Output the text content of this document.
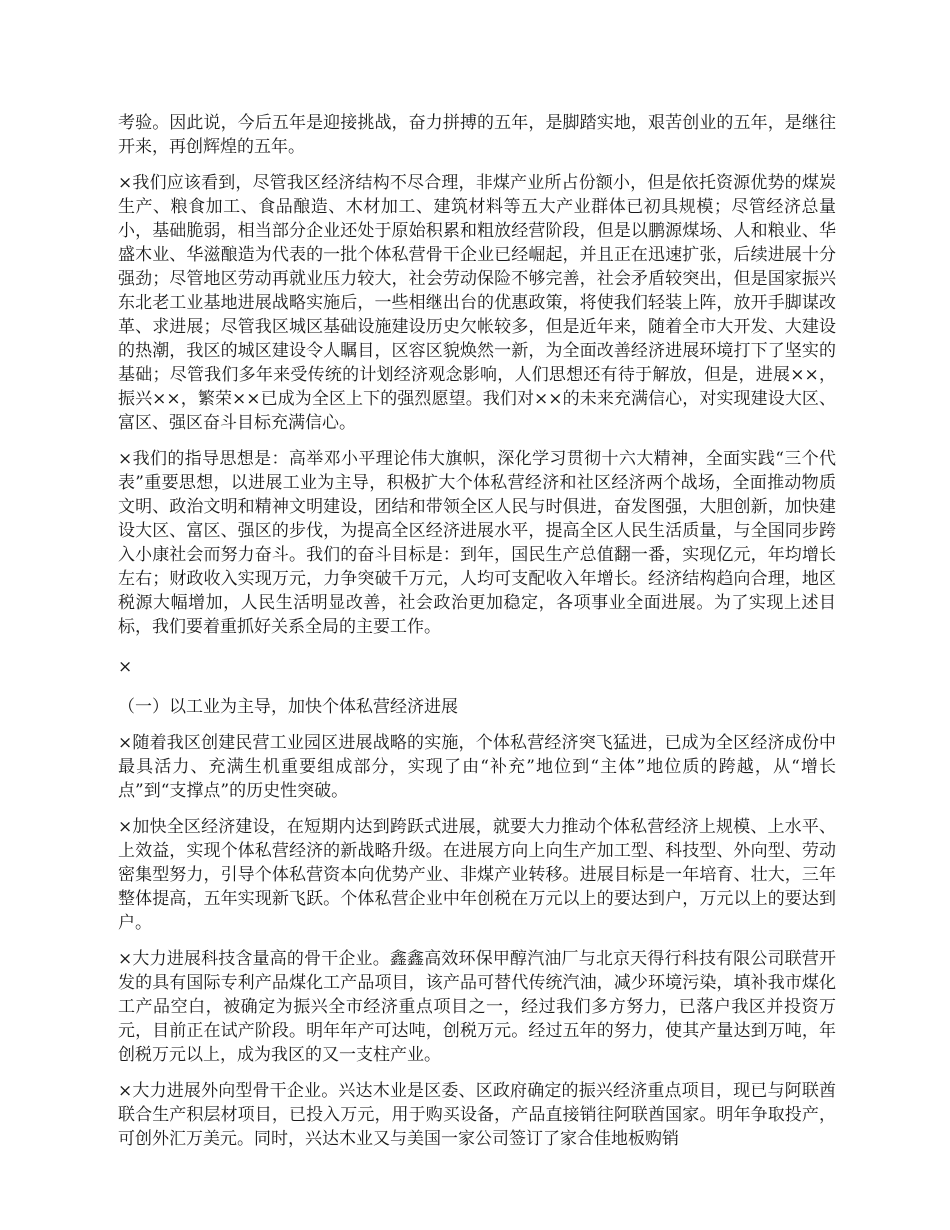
考验。因此说，今后五年是迎接挑战，奋力拼搏的五年，是脚踏实地，艰苦创业的五年，是继往开来，再创辉煌的五年。

×我们应该看到，尽管我区经济结构不尽合理，非煤产业所占份额小，但是依托资源优势的煤炭生产、粮食加工、食品酿造、木材加工、建筑材料等五大产业群体已初具规模；尽管经济总量小，基础脆弱，相当部分企业还处于原始积累和粗放经营阶段，但是以鹏源煤场、人和粮业、华盛木业、华滋酿造为代表的一批个体私营骨干企业已经崛起，并且正在迅速扩张，后续进展十分强劲；尽管地区劳动再就业压力较大，社会劳动保险不够完善，社会矛盾较突出，但是国家振兴东北老工业基地进展战略实施后，一些相继出台的优惠政策，将使我们轻装上阵，放开手脚谋改革、求进展；尽管我区城区基础设施建设历史欠帐较多，但是近年来，随着全市大开发、大建设的热潮，我区的城区建设令人瞩目，区容区貌焕然一新，为全面改善经济进展环境打下了坚实的基础；尽管我们多年来受传统的计划经济观念影响，人们思想还有待于解放，但是，进展××，振兴××，繁荣××已成为全区上下的强烈愿望。我们对××的未来充满信心，对实现建设大区、富区、强区奋斗目标充满信心。

×我们的指导思想是：高举邓小平理论伟大旗帜，深化学习贯彻十六大精神，全面实践“三个代表”重要思想，以进展工业为主导，积极扩大个体私营经济和社区经济两个战场，全面推动物质文明、政治文明和精神文明建设，团结和带领全区人民与时俱进，奋发图强，大胆创新，加快建设大区、富区、强区的步伐，为提高全区经济进展水平，提高全区人民生活质量，与全国同步跨入小康社会而努力奋斗。我们的奋斗目标是：到年，国民生产总值翻一番，实现亿元，年均增长左右；财政收入实现万元，力争突破千万元，人均可支配收入年增长。经济结构趋向合理，地区税源大幅增加，人民生活明显改善，社会政治更加稳定，各项事业全面进展。为了实现上述目标，我们要着重抓好关系全局的主要工作。

×

（一）以工业为主导，加快个体私营经济进展

×随着我区创建民营工业园区进展战略的实施，个体私营经济突飞猛进，已成为全区经济成份中最具活力、充满生机重要组成部分，实现了由“补充”地位到“主体”地位质的跨越，从“增长点”到“支撑点”的历史性突破。

×加快全区经济建设，在短期内达到跨跃式进展，就要大力推动个体私营经济上规模、上水平、上效益，实现个体私营经济的新战略升级。在进展方向上向生产加工型、科技型、外向型、劳动密集型努力，引导个体私营资本向优势产业、非煤产业转移。进展目标是一年培育、壮大，三年整体提高，五年实现新飞跃。个体私营企业中年创税在万元以上的要达到户，万元以上的要达到户。

×大力进展科技含量高的骨干企业。鑫鑫高效环保甲醇汽油厂与北京天得行科技有限公司联营开发的具有国际专利产品煤化工产品项目，该产品可替代传统汽油，减少环境污染，填补我市煤化工产品空白，被确定为振兴全市经济重点项目之一，经过我们多方努力，已落户我区并投资万元，目前正在试产阶段。明年年产可达吨，创税万元。经过五年的努力，使其产量达到万吨，年创税万元以上，成为我区的又一支柱产业。

×大力进展外向型骨干企业。兴达木业是区委、区政府确定的振兴经济重点项目，现已与阿联酋联合生产积层材项目，已投入万元，用于购买设备，产品直接销往阿联酋国家。明年争取投产，可创外汇万美元。同时，兴达木业又与美国一家公司签订了家合佳地板购销
